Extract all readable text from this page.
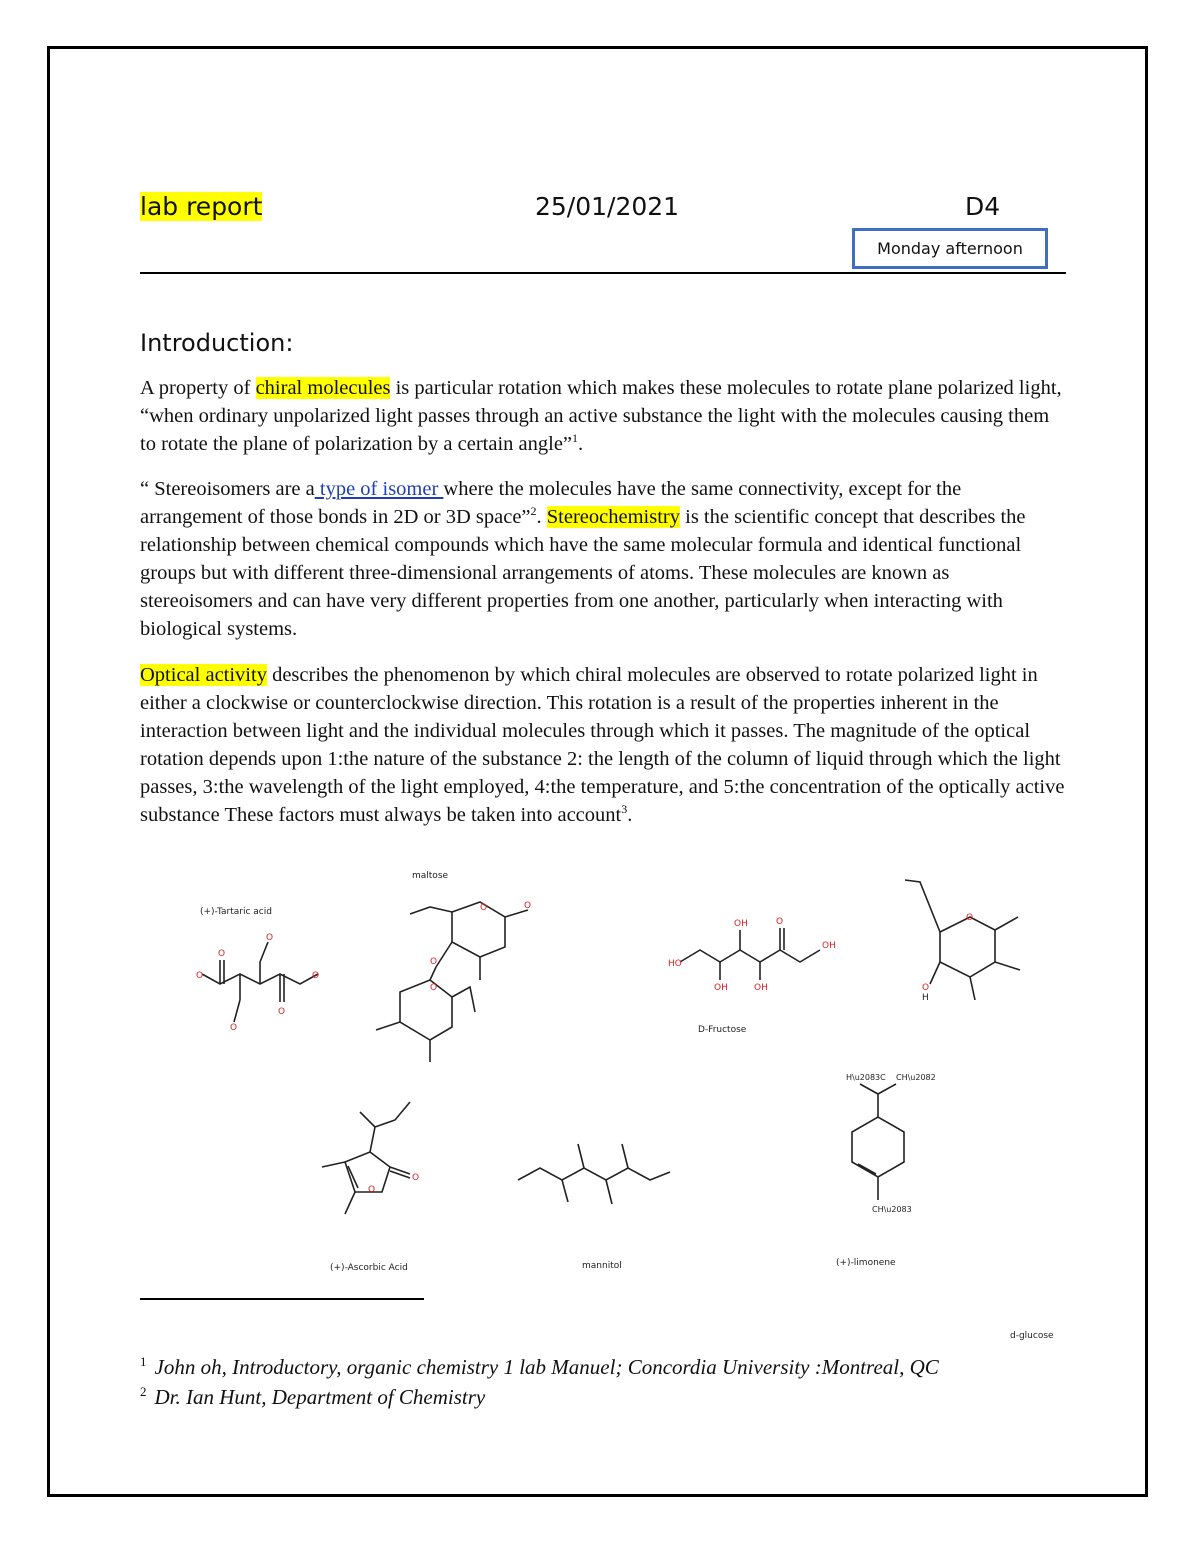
lab report	25/01/2021	D4
Monday afternoon
Introduction:

A property of chiral molecules is particular rotation which makes these molecules to rotate plane polarized light, “when ordinary unpolarized light passes through an active substance the light with the molecules causing them to rotate the plane of polarization by a certain angle”$^1$.

“ Stereoisomers are a type of isomer where the molecules have the same connectivity, except for the arrangement of those bonds in 2D or 3D space”$^2$. Stereochemistry is the scientific concept that describes the relationship between chemical compounds which have the same molecular formula and identical functional groups but with different three-dimensional arrangements of atoms. These molecules are known as stereoisomers and can have very different properties from one another, particularly when interacting with biological systems.

Optical activity describes the phenomenon by which chiral molecules are observed to rotate polarized light in either a clockwise or counterclockwise direction. This rotation is a result of the properties inherent in the interaction between light and the individual molecules through which it passes. The magnitude of the optical rotation depends upon 1:the nature of the substance 2: the length of the column of liquid through which the light passes, 3:the wavelength of the light employed, 4:the temperature, and 5:the concentration of the optically active substance These factors must always be taken into account$^3$.

(+)-Tartaric acid
O
O
O	O
O
O
maltose
O
O
O
O
HO
OH
OH
OH
O
OH
D-Fructose
O
O
H
O
O
(+)-Ascorbic Acid	mannitol
H\u2083C CH\u2082
CH\u2083
(+)-limonene
d-glucose
$^1$ John oh, Introductory, organic chemistry 1 lab Manuel; Concordia University :Montreal, QC
$^2$ Dr. Ian Hunt, Department of Chemistry
